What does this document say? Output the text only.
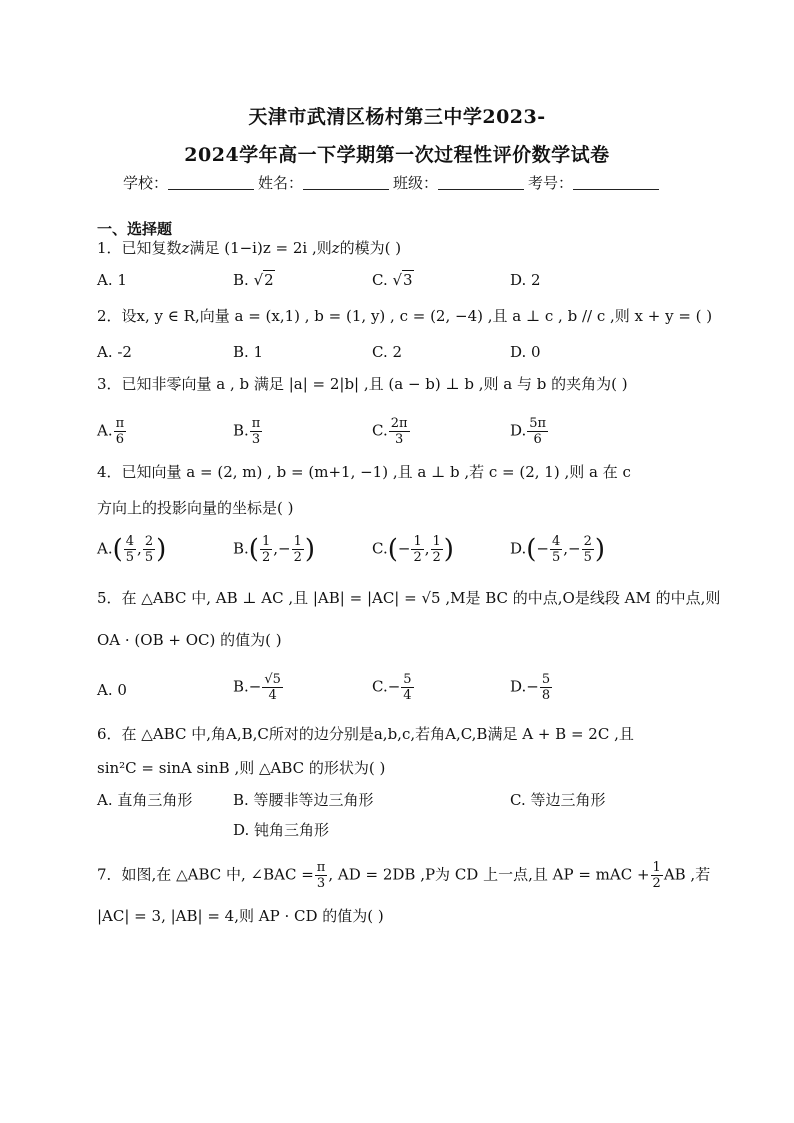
天津市武清区杨村第三中学2023-
2024学年高一下学期第一次过程性评价数学试卷
学校：	姓名：	班级：	考号：
一、选择题
1．已知复数z满足 (1−i)z = 2i ,则z的模为( )
A. 1	B. √2	C. √3	D. 2
2．设x, y ∈ R,向量 a = (x,1) , b = (1, y) , c = (2, −4) ,且 a ⊥ c , b // c ,则 x + y = ( )
A. -2	B. 1	C. 2	D. 0
3．已知非零向量 a , b 满足 |a| = 2|b| ,且 (a − b) ⊥ b ,则 a 与 b 的夹角为( )
A. $\frac{\pi}{6}$	B. $\frac{\pi}{3}$	C. $\frac{2\pi}{3}$	D. $\frac{5\pi}{6}$
4．已知向量 a = (2, m) , b = (m+1, −1) ,且 a ⊥ b ,若 c = (2, 1) ,则 a 在 c
方向上的投影向量的坐标是( )
$A.( \frac{4}{5}$ , $\frac{2}{5}$ )	$B.( \frac{1}{2}$ ,− $\frac{1}{2}$ )	$C.(- \frac{1}{2}$ , $\frac{1}{2}$ )	$D.(- \frac{4}{5}$ ,− $\frac{2}{5}$ )
5．在 △ABC 中, AB ⊥ AC ,且 |AB| = |AC| = √5 ,M是 BC 的中点,O是线段 AM 的中点,则
OA · (OB + OC) 的值为( )
A. 0	$B.- \frac{√5}{4}$	$C.- \frac{5}{4}$	$D.- \frac{5}{8}$
6．在 △ABC 中,角A,B,C所对的边分别是a,b,c,若角A,C,B满足 A + B = 2C ,且
sin²C = sinA sinB ,则 △ABC 的形状为( )
A. 直角三角形	B. 等腰非等边三角形	C. 等边三角形
D. 钝角三角形
7．如图,在 △ABC 中, ∠BAC = $\frac{\pi}{3}$ , AD = 2DB ,P为 CD 上一点,且 AP = mAC + $\frac{1}{2}$ AB ,若
|AC| = 3, |AB| = 4,则 AP · CD 的值为( )
